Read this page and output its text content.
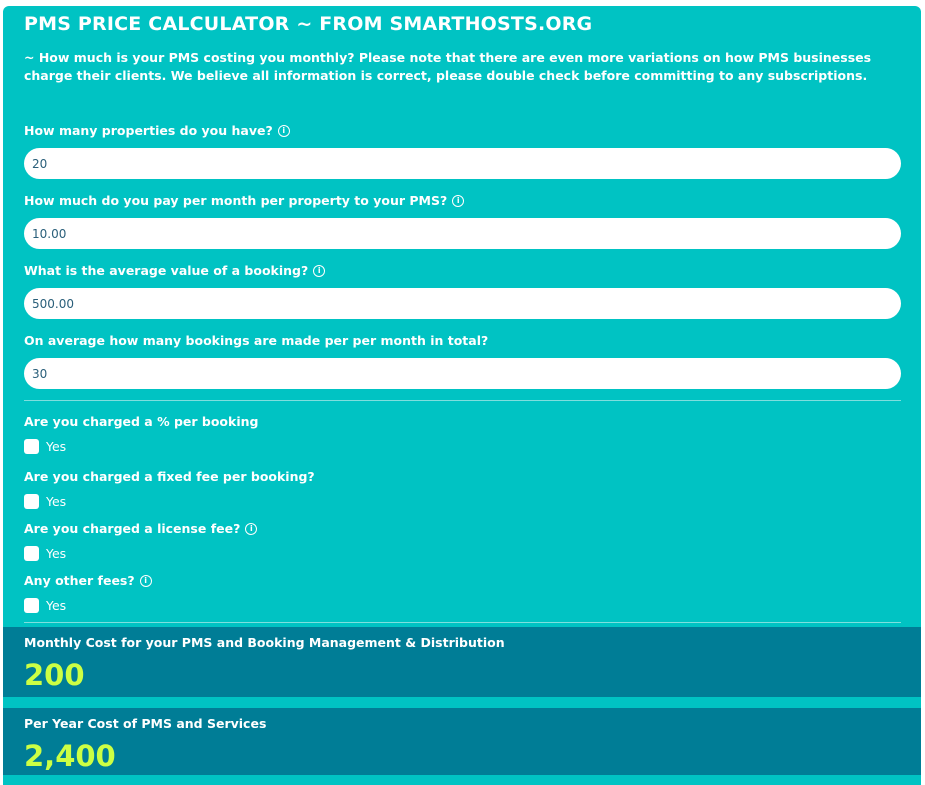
PMS PRICE CALCULATOR ~ FROM SMARTHOSTS.ORG
~ How much is your PMS costing you monthly? Please note that there are even more variations on how PMS businesses charge their clients. We believe all information is correct, please double check before committing to any subscriptions.
How many properties do you have?	i
20
How much do you pay per month per property to your PMS?	i
10.00
What is the average value of a booking?	i
500.00
On average how many bookings are made per per month in total?
30
Are you charged a % per booking
Yes
Are you charged a fixed fee per booking?
Yes
Are you charged a license fee?	i
Yes
Any other fees?	i
Yes
Monthly Cost for your PMS and Booking Management & Distribution
200
Per Year Cost of PMS and Services
2,400
